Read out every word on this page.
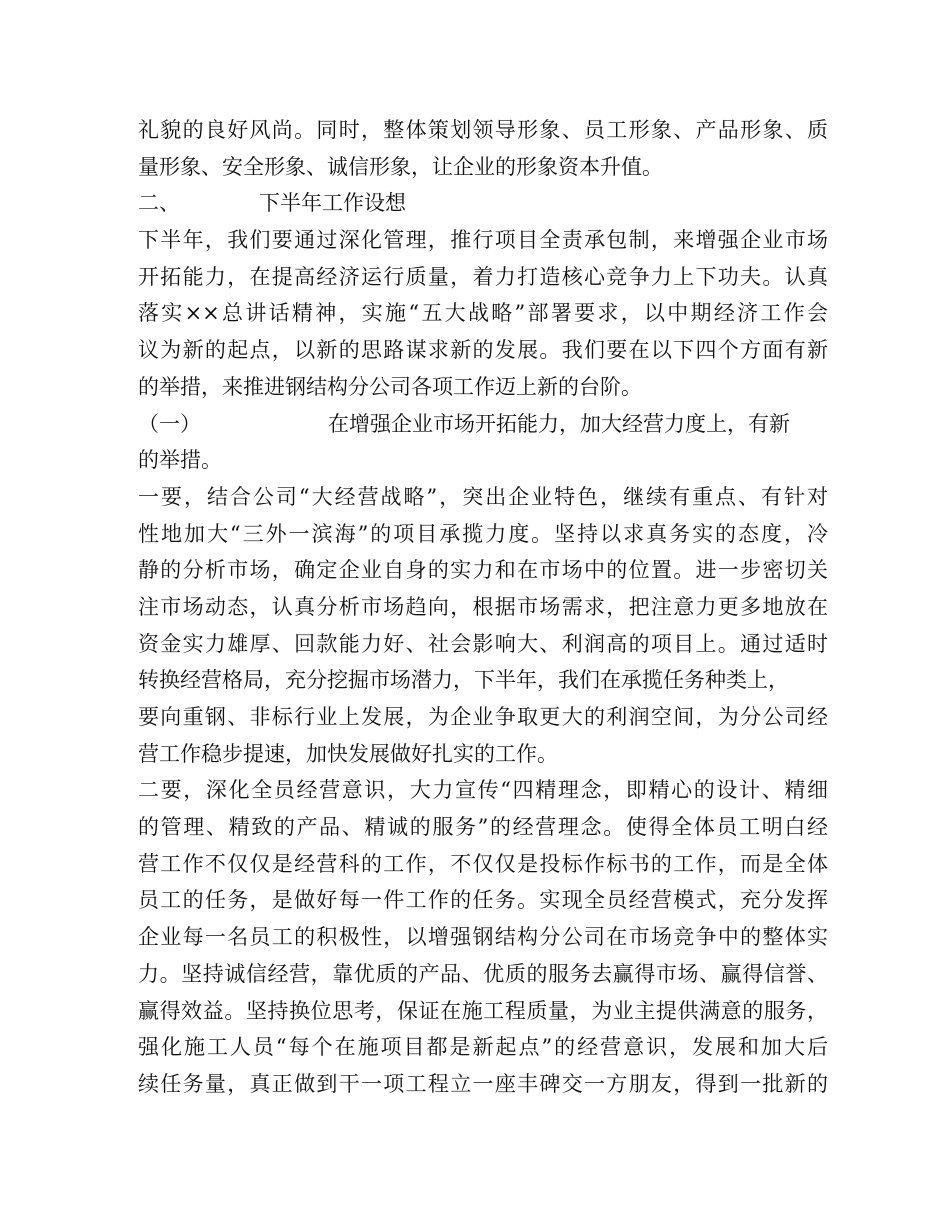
礼貌的良好风尚。同时，整体策划领导形象、员工形象、产品形象、质
量形象、安全形象、诚信形象，让企业的形象资本升值。
二、	下半年工作设想
下半年，我们要通过深化管理，推行项目全责承包制，来增强企业市场
开拓能力，在提高经济运行质量，着力打造核心竞争力上下功夫。认真
落实××总讲话精神，实施“五大战略”部署要求，以中期经济工作会
议为新的起点，以新的思路谋求新的发展。我们要在以下四个方面有新
的举措，来推进钢结构分公司各项工作迈上新的台阶。
（一）	在增强企业市场开拓能力，加大经营力度上，有新
的举措。
一要，结合公司“大经营战略”，突出企业特色，继续有重点、有针对
性地加大“三外一滨海”的项目承揽力度。坚持以求真务实的态度，冷
静的分析市场，确定企业自身的实力和在市场中的位置。进一步密切关
注市场动态，认真分析市场趋向，根据市场需求，把注意力更多地放在
资金实力雄厚、回款能力好、社会影响大、利润高的项目上。通过适时
转换经营格局，充分挖掘市场潜力，下半年，我们在承揽任务种类上，
要向重钢、非标行业上发展，为企业争取更大的利润空间，为分公司经
营工作稳步提速，加快发展做好扎实的工作。
二要，深化全员经营意识，大力宣传“四精理念，即精心的设计、精细
的管理、精致的产品、精诚的服务”的经营理念。使得全体员工明白经
营工作不仅仅是经营科的工作，不仅仅是投标作标书的工作，而是全体
员工的任务，是做好每一件工作的任务。实现全员经营模式，充分发挥
企业每一名员工的积极性，以增强钢结构分公司在市场竞争中的整体实
力。坚持诚信经营，靠优质的产品、优质的服务去赢得市场、赢得信誉、
赢得效益。坚持换位思考，保证在施工程质量，为业主提供满意的服务，
强化施工人员“每个在施项目都是新起点”的经营意识，发展和加大后
续任务量，真正做到干一项工程立一座丰碑交一方朋友，得到一批新的
